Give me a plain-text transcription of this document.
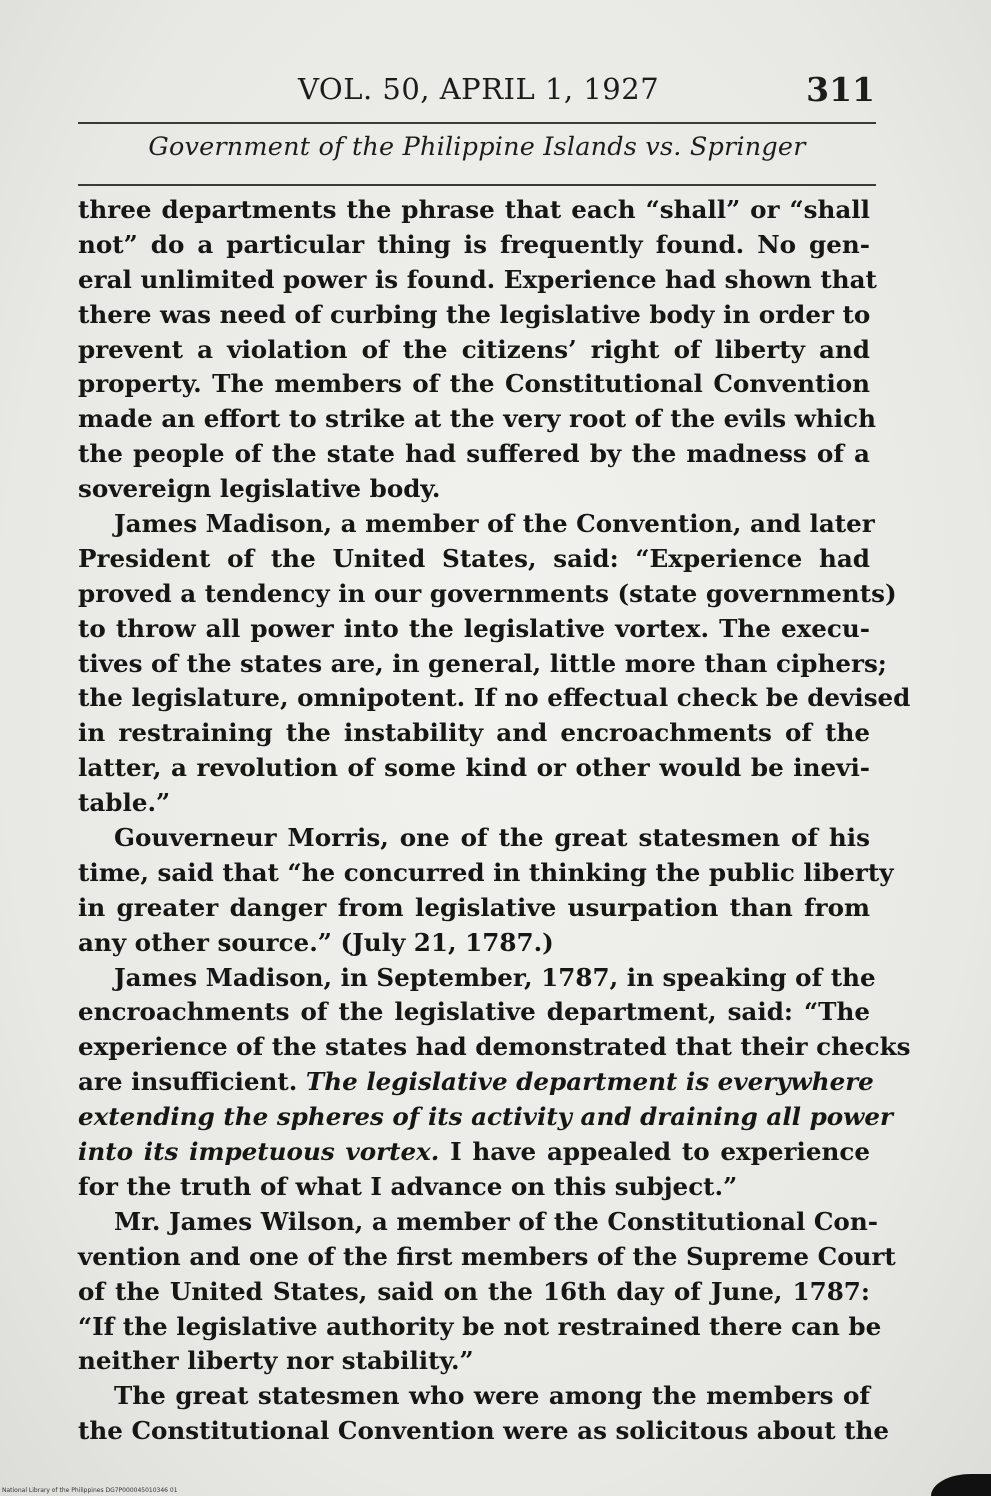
VOL. 50, APRIL 1, 1927	311
Government of the Philippine Islands vs. Springer
three departments the phrase that each “shall” or “shall
not” do a particular thing is frequently found. No gen-
eral unlimited power is found. Experience had shown that
there was need of curbing the legislative body in order to
prevent a violation of the citizens’ right of liberty and
property. The members of the Constitutional Convention
made an effort to strike at the very root of the evils which
the people of the state had suffered by the madness of a
sovereign legislative body.
James Madison, a member of the Convention, and later
President of the United States, said: “Experience had
proved a tendency in our governments (state governments)
to throw all power into the legislative vortex. The execu-
tives of the states are, in general, little more than ciphers;
the legislature, omnipotent. If no effectual check be devised
in restraining the instability and encroachments of the
latter, a revolution of some kind or other would be inevi-
table.”
Gouverneur Morris, one of the great statesmen of his
time, said that “he concurred in thinking the public liberty
in greater danger from legislative usurpation than from
any other source.” (July 21, 1787.)
James Madison, in September, 1787, in speaking of the
encroachments of the legislative department, said: “The
experience of the states had demonstrated that their checks
are insufficient. The legislative department is everywhere
extending the spheres of its activity and draining all power
into its impetuous vortex. I have appealed to experience
for the truth of what I advance on this subject.”
Mr. James Wilson, a member of the Constitutional Con-
vention and one of the first members of the Supreme Court
of the United States, said on the 16th day of June, 1787:
“If the legislative authority be not restrained there can be
neither liberty nor stability.”
The great statesmen who were among the members of
the Constitutional Convention were as solicitous about the
National Library of the Philippines DG7P000045010346 01
